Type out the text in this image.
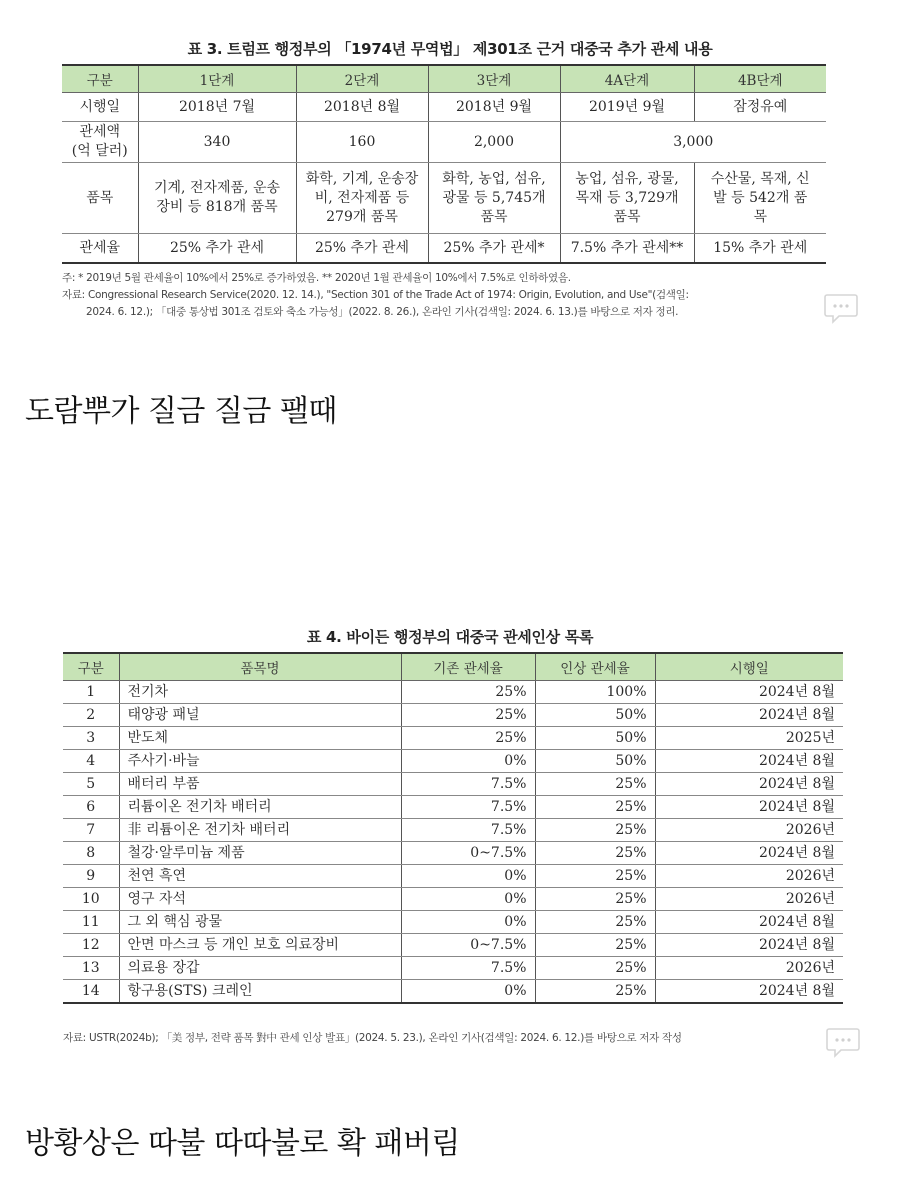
표 3. 트럼프 행정부의 「1974년 무역법」 제301조 근거 대중국 추가 관세 내용
구분	1단계	2단계	3단계	4A단계	4B단계
시행일	2018년 7월	2018년 8월	2018년 9월	2019년 9월	잠정유예
관세액
(억 달러)	340	160	2,000	3,000	
품목	기계, 전자제품, 운송장비 등 818개 품목	화학, 기계, 운송장비, 전자제품 등 279개 품목	화학, 농업, 섬유, 광물 등 5,745개 품목	농업, 섬유, 광물, 목재 등 3,729개 품목	수산물, 목재, 신발 등 542개 품목
관세율	25% 추가 관세	25% 추가 관세	25% 추가 관세*	7.5% 추가 관세**	15% 추가 관세
주: * 2019년 5월 관세율이 10%에서 25%로 증가하였음. ** 2020년 1월 관세율이 10%에서 7.5%로 인하하였음.
자료: Congressional Research Service(2020. 12. 14.), "Section 301 of the Trade Act of 1974: Origin, Evolution, and Use"(검색일:
2024. 6. 12.); 「대중 통상법 301조 검토와 축소 가능성」(2022. 8. 26.), 온라인 기사(검색일: 2024. 6. 13.)를 바탕으로 저자 정리.
도람뿌가 질금 질금 팰때
표 4. 바이든 행정부의 대중국 관세인상 목록
구분	품목명	기존 관세율	인상 관세율	시행일
1	전기차	25%	100%	2024년 8월
2	태양광 패널	25%	50%	2024년 8월
3	반도체	25%	50%	2025년
4	주사기·바늘	0%	50%	2024년 8월
5	배터리 부품	7.5%	25%	2024년 8월
6	리튬이온 전기차 배터리	7.5%	25%	2024년 8월
7	非 리튬이온 전기차 배터리	7.5%	25%	2026년
8	철강·알루미늄 제품	0~7.5%	25%	2024년 8월
9	천연 흑연	0%	25%	2026년
10	영구 자석	0%	25%	2026년
11	그 외 핵심 광물	0%	25%	2024년 8월
12	안면 마스크 등 개인 보호 의료장비	0~7.5%	25%	2024년 8월
13	의료용 장갑	7.5%	25%	2026년
14	항구용(STS) 크레인	0%	25%	2024년 8월
자료: USTR(2024b); 「美 정부, 전략 품목 對中 관세 인상 발표」(2024. 5. 23.), 온라인 기사(검색일: 2024. 6. 12.)를 바탕으로 저자 작성
방황상은 따불 따따불로 확 패버림
